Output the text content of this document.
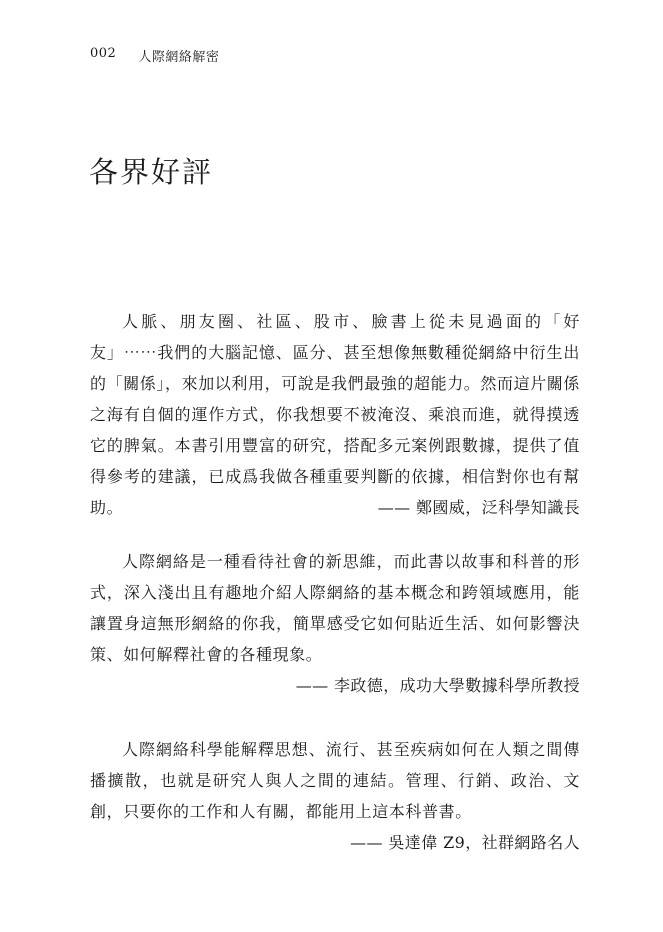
002 人際網絡解密
各界好評

人脈、朋友圈、社區、股市、臉書上從未見過面的「好友」⋯⋯我們的大腦記憶、區分、甚至想像無數種從網絡中衍生出的「關係」，來加以利用，可說是我們最強的超能力。然而這片關係之海有自個的運作方式，你我想要不被淹沒、乘浪而進，就得摸透它的脾氣。本書引用豐富的研究，搭配多元案例跟數據，提供了值得參考的建議，已成爲我做各種重要判斷的依據，相信對你也有幫助。	—— 鄭國威，泛科學知識長

人際網絡是一種看待社會的新思維，而此書以故事和科普的形式，深入淺出且有趣地介紹人際網絡的基本概念和跨領域應用，能讓置身這無形網絡的你我，簡單感受它如何貼近生活、如何影響決策、如何解釋社會的各種現象。

—— 李政德，成功大學數據科學所教授

人際網絡科學能解釋思想、流行、甚至疾病如何在人類之間傳播擴散，也就是研究人與人之間的連結。管理、行銷、政治、文創，只要你的工作和人有關，都能用上這本科普書。

—— 吳達偉 Z9，社群網路名人
